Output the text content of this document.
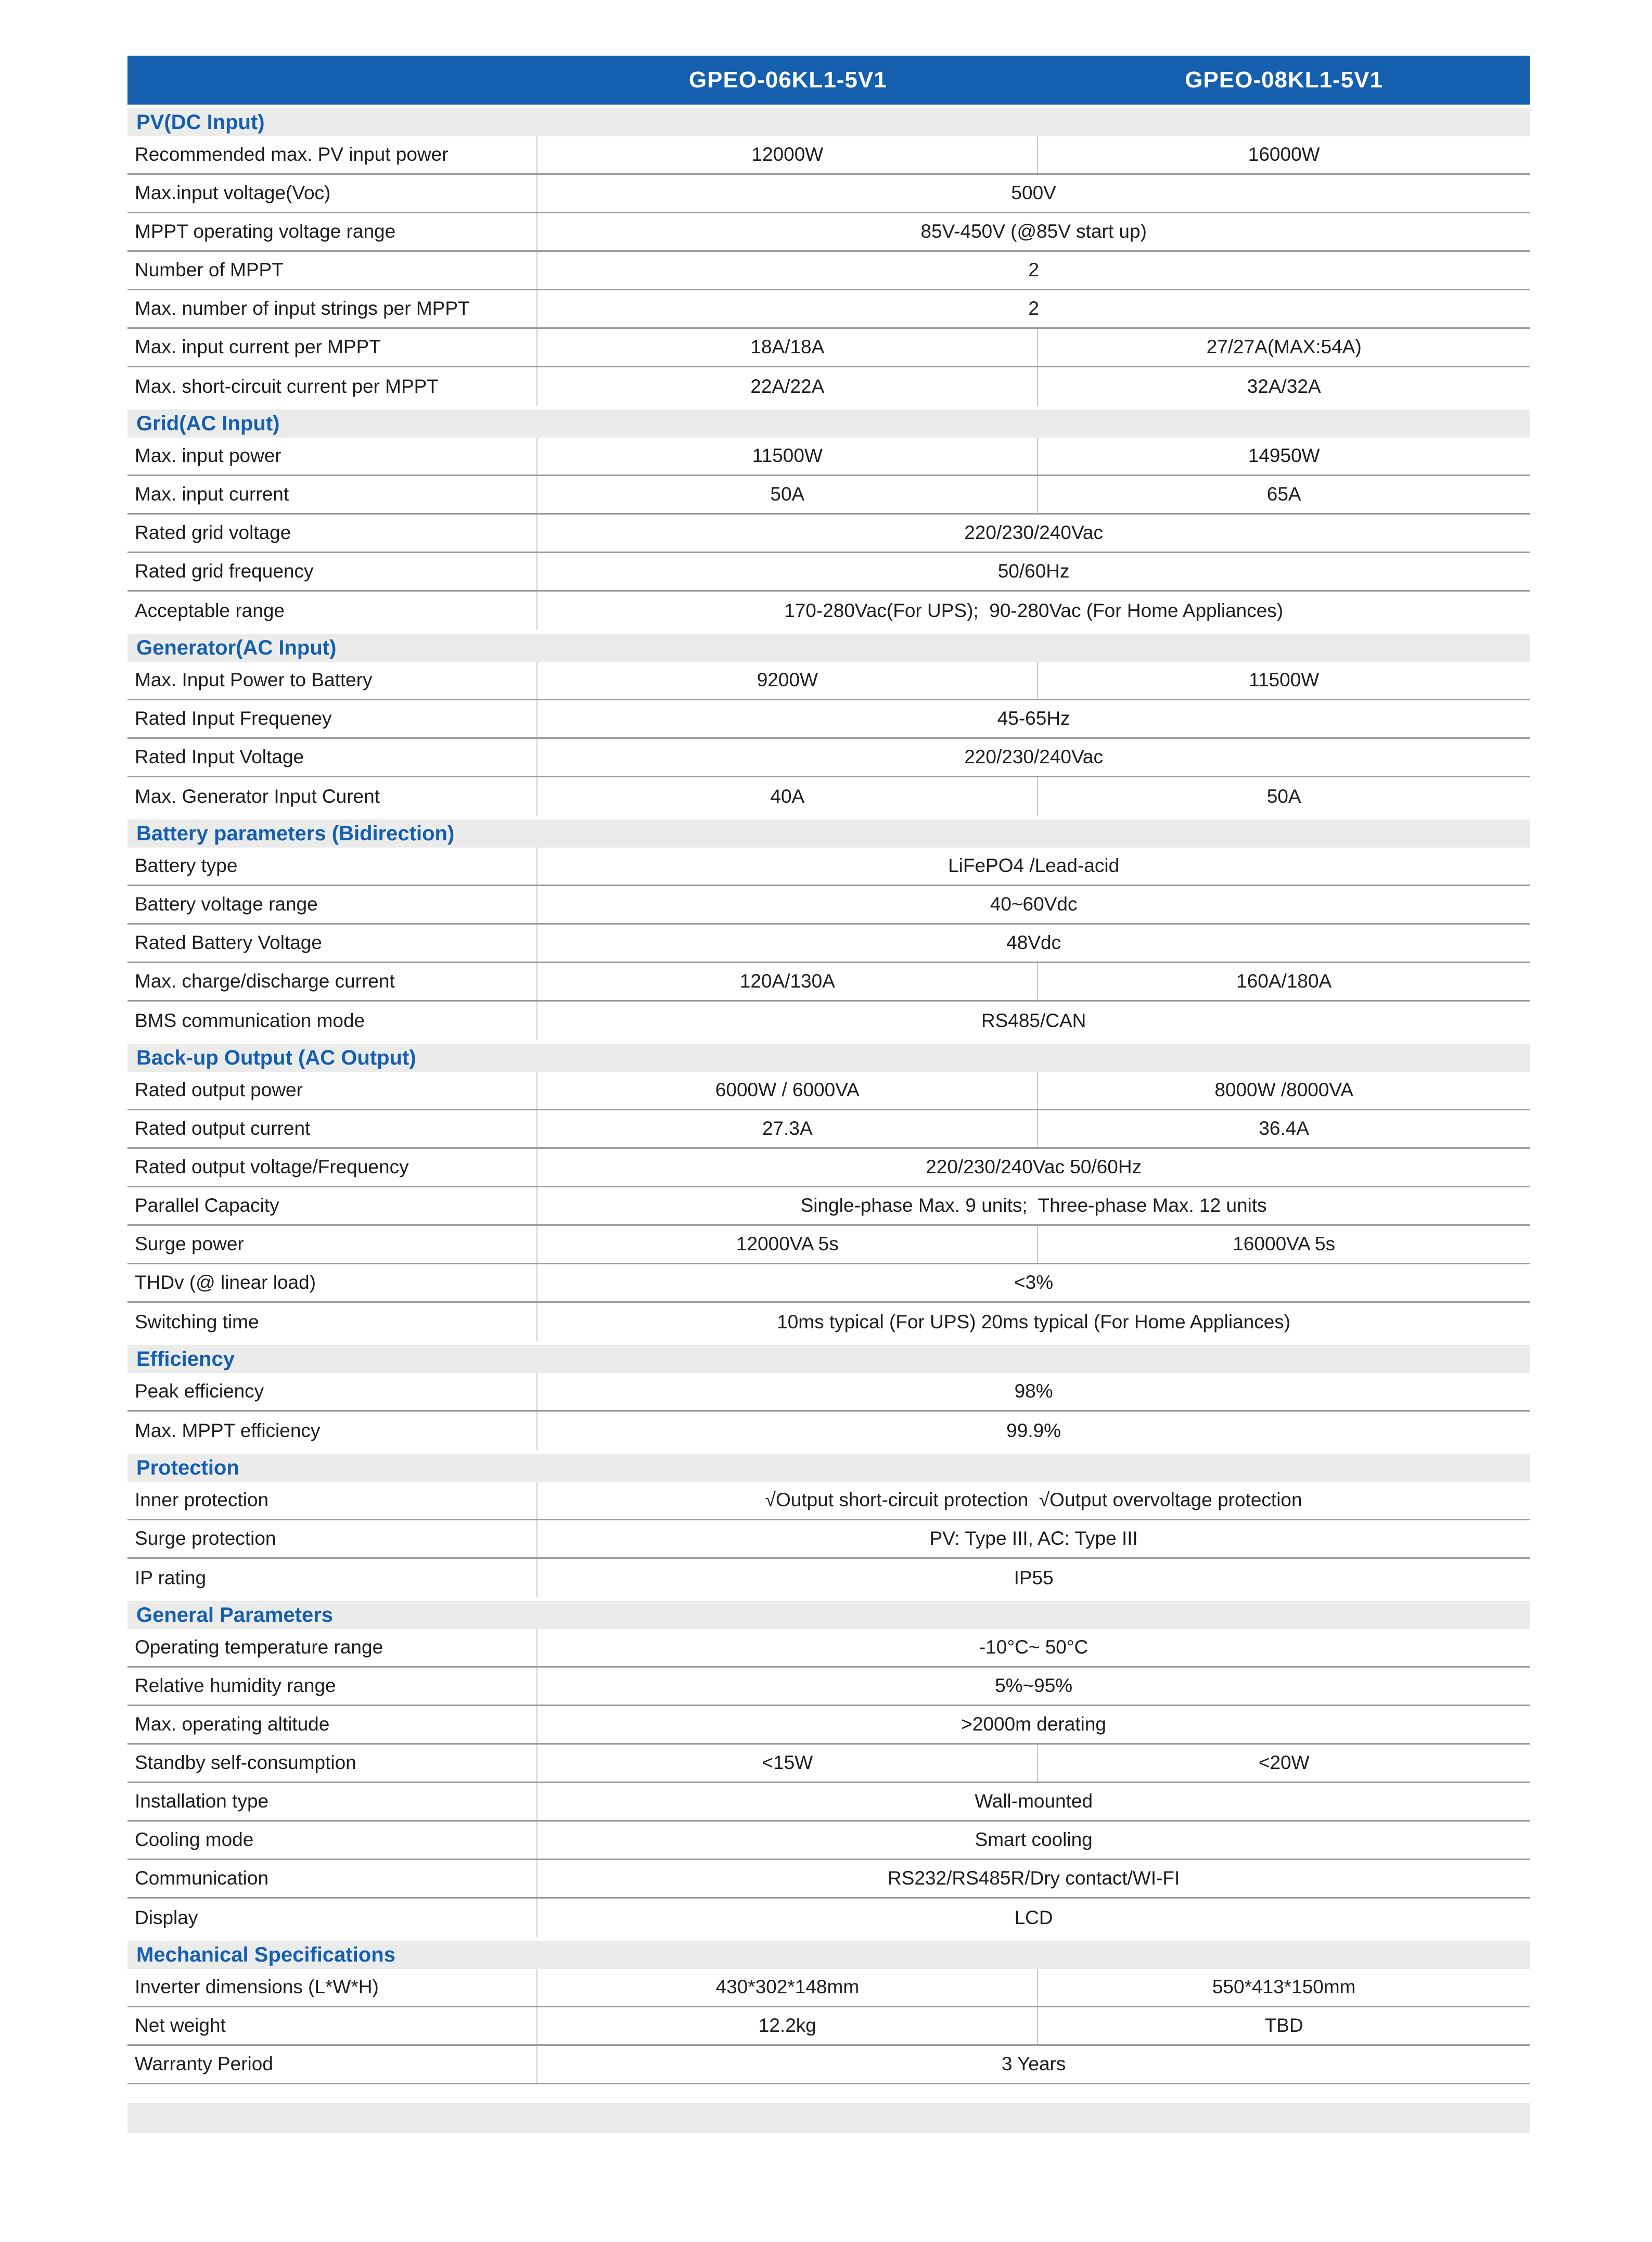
GPEO-06KL1-5V1	GPEO-08KL1-5V1
PV(DC Input)
Recommended max. PV input power	12000W	16000W
Max.input voltage(Voc)	500V
MPPT operating voltage range	85V-450V (@85V start up)
Number of MPPT	2
Max. number of input strings per MPPT	2
Max. input current per MPPT	18A/18A	27/27A(MAX:54A)
Max. short-circuit current per MPPT	22A/22A	32A/32A
Grid(AC Input)
Max. input power	11500W	14950W
Max. input current	50A	65A
Rated grid voltage	220/230/240Vac
Rated grid frequency	50/60Hz
Acceptable range	170-280Vac(For UPS);  90-280Vac (For Home Appliances)
Generator(AC Input)
Max. Input Power to Battery	9200W	11500W
Rated Input Frequeney	45-65Hz
Rated Input Voltage	220/230/240Vac
Max. Generator Input Curent	40A	50A
Battery parameters (Bidirection)
Battery type	LiFePO4 /Lead-acid
Battery voltage range	40~60Vdc
Rated Battery Voltage	48Vdc
Max. charge/discharge current	120A/130A	160A/180A
BMS communication mode	RS485/CAN
Back-up Output (AC Output)
Rated output power	6000W / 6000VA	8000W /8000VA
Rated output current	27.3A	36.4A
Rated output voltage/Frequency	220/230/240Vac 50/60Hz
Parallel Capacity	Single-phase Max. 9 units;  Three-phase Max. 12 units
Surge power	12000VA 5s	16000VA 5s
THDv (@ linear load)	<3%
Switching time	10ms typical (For UPS) 20ms typical (For Home Appliances)
Efficiency
Peak efficiency	98%
Max. MPPT efficiency	99.9%
Protection
Inner protection	√Output short-circuit protection  √Output overvoltage protection
Surge protection	PV: Type III, AC: Type III
IP rating	IP55
General Parameters
Operating temperature range	-10°C~ 50°C
Relative humidity range	5%~95%
Max. operating altitude	>2000m derating
Standby self-consumption	<15W	<20W
Installation type	Wall-mounted
Cooling mode	Smart cooling
Communication	RS232/RS485R/Dry contact/WI-FI
Display	LCD
Mechanical Specifications
Inverter dimensions (L*W*H)	430*302*148mm	550*413*150mm
Net weight	12.2kg	TBD
Warranty Period	3 Years
